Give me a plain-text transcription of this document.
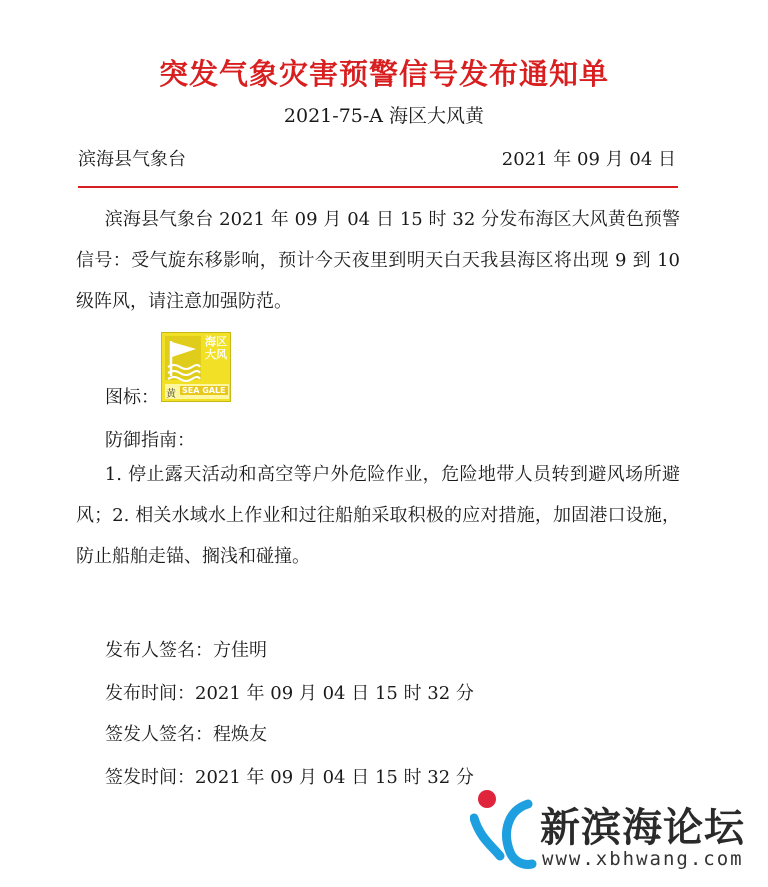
突发气象灾害预警信号发布通知单
2021-75-A 海区大风黄
滨海县气象台	2021 年 09 月 04 日
滨海县气象台 2021 年 09 月 04 日 15 时 32 分发布海区大风黄色预警信号：受气旋东移影响，预计今天夜里到明天白天我县海区将出现 9 到 10 级阵风，请注意加强防范。
图标：
海区大风
黄 SEA GALE
防御指南：
1. 停止露天活动和高空等户外危险作业，危险地带人员转到避风场所避风；2. 相关水域水上作业和过往船舶采取积极的应对措施，加固港口设施，防止船舶走锚、搁浅和碰撞。
发布人签名：方佳明
发布时间：2021 年 09 月 04 日 15 时 32 分
签发人签名：程焕友
签发时间：2021 年 09 月 04 日 15 时 32 分
新滨海论坛
www.xbhwang.com
